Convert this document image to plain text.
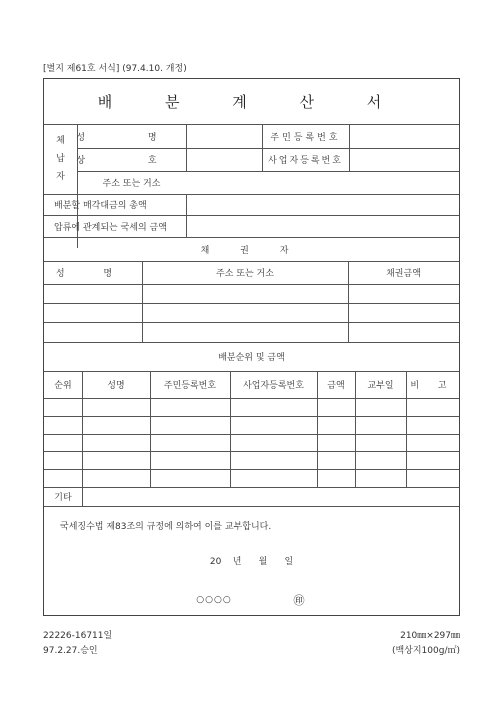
[별지 제61호 서식] (97.4.10. 개정)
배 분 계 산 서
체
납
자
성 명	주민등록번호
상 호	사업자등록번호
주소 또는 거소
배분할 매각대금의 총액
압류에 관계되는 국세의 금액
채 권 자
성 명	주소 또는 거소	채권금액
배분순위 및 금액
순위	성명	주민등록번호	사업자등록번호	금액	교부일	비 고
기타
국세징수법 제83조의 규정에 의하여 이를 교부합니다.
20    년      월      일
○○○○	㊞
22226-16711일
97.2.27.승인
210㎜×297㎜
(백상지100g/㎡)
